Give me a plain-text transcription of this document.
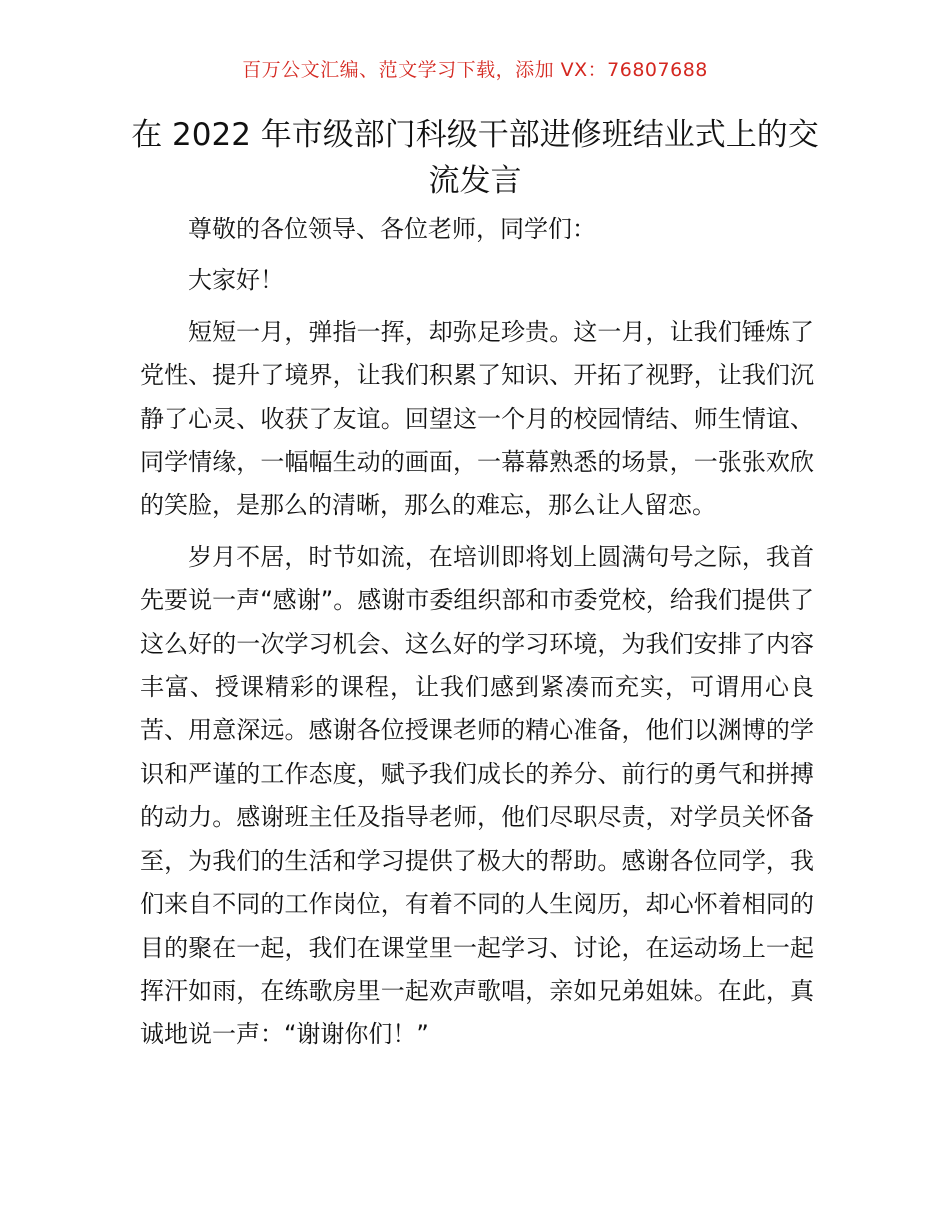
百万公文汇编、范文学习下载，添加 VX：76807688
在 2022 年市级部门科级干部进修班结业式上的交流发言

尊敬的各位领导、各位老师，同学们：

大家好！

短短一月，弹指一挥，却弥足珍贵。这一月，让我们锤炼了党性、提升了境界，让我们积累了知识、开拓了视野，让我们沉静了心灵、收获了友谊。回望这一个月的校园情结、师生情谊、同学情缘，一幅幅生动的画面，一幕幕熟悉的场景，一张张欢欣的笑脸，是那么的清晰，那么的难忘，那么让人留恋。

岁月不居，时节如流，在培训即将划上圆满句号之际，我首先要说一声“感谢”。感谢市委组织部和市委党校，给我们提供了这么好的一次学习机会、这么好的学习环境，为我们安排了内容丰富、授课精彩的课程，让我们感到紧凑而充实，可谓用心良苦、用意深远。感谢各位授课老师的精心准备，他们以渊博的学识和严谨的工作态度，赋予我们成长的养分、前行的勇气和拼搏的动力。感谢班主任及指导老师，他们尽职尽责，对学员关怀备至，为我们的生活和学习提供了极大的帮助。感谢各位同学，我们来自不同的工作岗位，有着不同的人生阅历，却心怀着相同的目的聚在一起，我们在课堂里一起学习、讨论，在运动场上一起挥汗如雨，在练歌房里一起欢声歌唱，亲如兄弟姐妹。在此，真诚地说一声：“谢谢你们！”
